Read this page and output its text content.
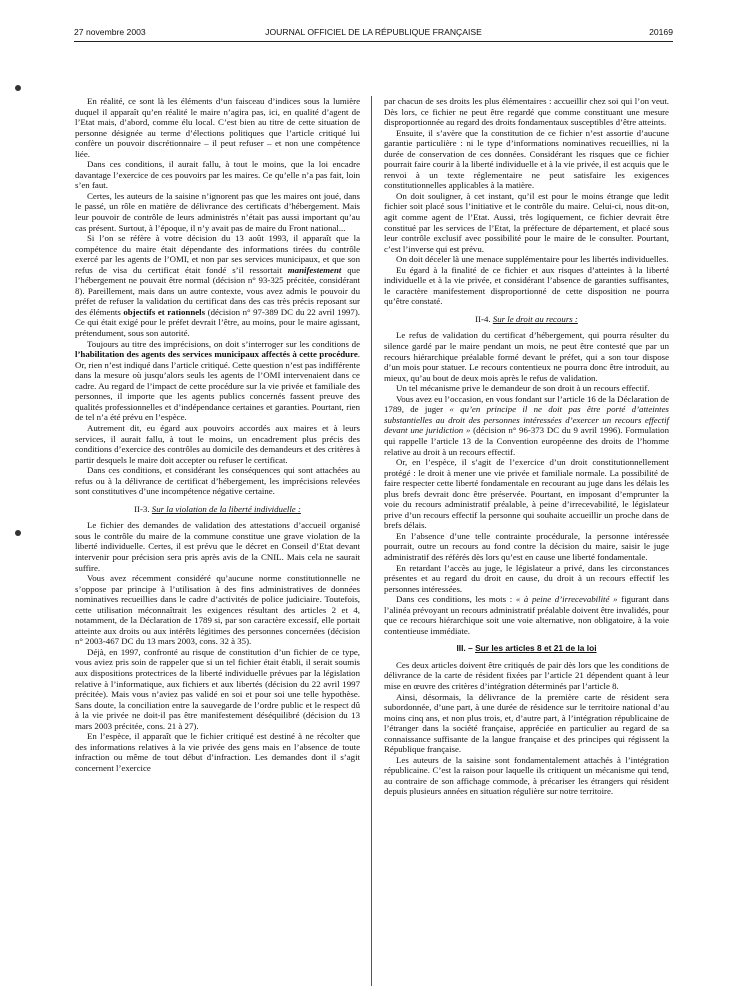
27 novembre 2003	JOURNAL OFFICIEL DE LA RÉPUBLIQUE FRANÇAISE	20169

En réalité, ce sont là les éléments d’un faisceau d’indices sous la lumière duquel il apparaît qu’en réalité le maire n’agira pas, ici, en qualité d’agent de l’Etat mais, d’abord, comme élu local. C’est bien au titre de cette situation de personne désignée au terme d’élections politiques que l’article critiqué lui confère un pouvoir discrétionnaire – il peut refuser – et non une compétence liée.

Dans ces conditions, il aurait fallu, à tout le moins, que la loi encadre davantage l’exercice de ces pouvoirs par les maires. Ce qu’elle n’a pas fait, loin s’en faut.

Certes, les auteurs de la saisine n’ignorent pas que les maires ont joué, dans le passé, un rôle en matière de délivrance des certificats d’hébergement. Mais leur pouvoir de contrôle de leurs administrés n’était pas aussi important qu’au cas présent. Surtout, à l’époque, il n’y avait pas de maire du Front national...

Si l’on se réfère à votre décision du 13 août 1993, il apparaît que la compétence du maire était dépendante des informations tirées du contrôle exercé par les agents de l’OMI, et non par ses services municipaux, et que son refus de visa du certificat était fondé s’il ressortait manifestement que l’hébergement ne pouvait être normal (décision n° 93-325 précitée, considérant 8). Pareillement, mais dans un autre contexte, vous avez admis le pouvoir du préfet de refuser la validation du certificat dans des cas très précis reposant sur des éléments objectifs et rationnels (décision n° 97-389 DC du 22 avril 1997). Ce qui était exigé pour le préfet devrait l’être, au moins, pour le maire agissant, prétendument, sous son autorité.

Toujours au titre des imprécisions, on doit s’interroger sur les conditions de l’habilitation des agents des services municipaux affectés à cette procédure. Or, rien n’est indiqué dans l’article critiqué. Cette question n’est pas indifférente dans la mesure où jusqu’alors seuls les agents de l’OMI intervenaient dans ce cadre. Au regard de l’impact de cette procédure sur la vie privée et familiale des personnes, il importe que les agents publics concernés fassent preuve des qualités professionnelles et d’indépendance certaines et garanties. Pourtant, rien de tel n’a été prévu en l’espèce.

Autrement dit, eu égard aux pouvoirs accordés aux maires et à leurs services, il aurait fallu, à tout le moins, un encadrement plus précis des conditions d’exercice des contrôles au domicile des demandeurs et des critères à partir desquels le maire doit accepter ou refuser le certificat.

Dans ces conditions, et considérant les conséquences qui sont attachées au refus ou à la délivrance de certificat d’hébergement, les imprécisions relevées sont constitutives d’une incompétence négative certaine.

II-3. Sur la violation de la liberté individuelle :

Le fichier des demandes de validation des attestations d’accueil organisé sous le contrôle du maire de la commune constitue une grave violation de la liberté individuelle. Certes, il est prévu que le décret en Conseil d’Etat devant intervenir pour précision sera pris après avis de la CNIL. Mais cela ne saurait suffire.

Vous avez récemment considéré qu’aucune norme constitutionnelle ne s’oppose par principe à l’utilisation à des fins administratives de données nominatives recueillies dans le cadre d’activités de police judiciaire. Toutefois, cette utilisation méconnaîtrait les exigences résultant des articles 2 et 4, notamment, de la Déclaration de 1789 si, par son caractère excessif, elle portait atteinte aux droits ou aux intérêts légitimes des personnes concernées (décision n° 2003-467 DC du 13 mars 2003, cons. 32 à 35).

Déjà, en 1997, confronté au risque de constitution d’un fichier de ce type, vous aviez pris soin de rappeler que si un tel fichier était établi, il serait soumis aux dispositions protectrices de la liberté individuelle prévues par la législation relative à l’informatique, aux fichiers et aux libertés (décision du 22 avril 1997 précitée). Mais vous n’aviez pas validé en soi et pour soi une telle hypothèse. Sans doute, la conciliation entre la sauvegarde de l’ordre public et le respect dû à la vie privée ne doit-il pas être manifestement déséquilibré (décision du 13 mars 2003 précitée, cons. 21 à 27).

En l’espèce, il apparaît que le fichier critiqué est destiné à ne récolter que des informations relatives à la vie privée des gens mais en l’absence de toute infraction ou même de tout début d’infraction. Les demandes dont il s’agit concernent l’exercice

par chacun de ses droits les plus élémentaires : accueillir chez soi qui l’on veut. Dès lors, ce fichier ne peut être regardé que comme constituant une mesure disproportionnée au regard des droits fondamentaux susceptibles d’être atteints.

Ensuite, il s’avère que la constitution de ce fichier n’est assortie d’aucune garantie particulière : ni le type d’informations nominatives recueillies, ni la durée de conservation de ces données. Considérant les risques que ce fichier pourrait faire courir à la liberté individuelle et à la vie privée, il est acquis que le renvoi à un texte réglementaire ne peut satisfaire les exigences constitutionnelles applicables à la matière.

On doit souligner, à cet instant, qu’il est pour le moins étrange que ledit fichier soit placé sous l’initiative et le contrôle du maire. Celui-ci, nous dit-on, agit comme agent de l’Etat. Aussi, très logiquement, ce fichier devrait être constitué par les services de l’Etat, la préfecture de département, et placé sous leur contrôle exclusif avec possibilité pour le maire de le consulter. Pourtant, c’est l’inverse qui est prévu.

On doit déceler là une menace supplémentaire pour les libertés individuelles.

Eu égard à la finalité de ce fichier et aux risques d’atteintes à la liberté individuelle et à la vie privée, et considérant l’absence de garanties suffisantes, le caractère manifestement disproportionné de cette disposition ne pourra qu’être constaté.

II-4. Sur le droit au recours :

Le refus de validation du certificat d’hébergement, qui pourra résulter du silence gardé par le maire pendant un mois, ne peut être contesté que par un recours hiérarchique préalable formé devant le préfet, qui a son tour dispose d’un mois pour statuer. Le recours contentieux ne pourra donc être introduit, au mieux, qu’au bout de deux mois après le refus de validation.

Un tel mécanisme prive le demandeur de son droit à un recours effectif.

Vous avez eu l’occasion, en vous fondant sur l’article 16 de la Déclaration de 1789, de juger « qu’en principe il ne doit pas être porté d’atteintes substantielles au droit des personnes intéressées d’exercer un recours effectif devant une juridiction » (décision n° 96-373 DC du 9 avril 1996). Formulation qui rappelle l’article 13 de la Convention européenne des droits de l’homme relative au droit à un recours effectif.

Or, en l’espèce, il s’agit de l’exercice d’un droit constitutionnellement protégé : le droit à mener une vie privée et familiale normale. La possibilité de faire respecter cette liberté fondamentale en recourant au juge dans les délais les plus brefs devrait donc être préservée. Pourtant, en imposant d’emprunter la voie du recours administratif préalable, à peine d’irrecevabilité, le législateur prive d’un recours effectif la personne qui souhaite accueillir un proche dans de brefs délais.

En l’absence d’une telle contrainte procédurale, la personne intéressée pourrait, outre un recours au fond contre la décision du maire, saisir le juge administratif des référés dès lors qu’est en cause une liberté fondamentale.

En retardant l’accès au juge, le législateur a privé, dans les circonstances présentes et au regard du droit en cause, du droit à un recours effectif les personnes intéressées.

Dans ces conditions, les mots : « à peine d’irrecevabilité » figurant dans l’alinéa prévoyant un recours administratif préalable doivent être invalidés, pour que ce recours hiérarchique soit une voie alternative, non obligatoire, à la voie contentieuse immédiate.

III. – Sur les articles 8 et 21 de la loi

Ces deux articles doivent être critiqués de pair dès lors que les conditions de délivrance de la carte de résident fixées par l’article 21 dépendent quant à leur mise en œuvre des critères d’intégration déterminés par l’article 8.

Ainsi, désormais, la délivrance de la première carte de résident sera subordonnée, d’une part, à une durée de résidence sur le territoire national d’au moins cinq ans, et non plus trois, et, d’autre part, à l’intégration républicaine de l’étranger dans la société française, appréciée en particulier au regard de sa connaissance suffisante de la langue française et des principes qui régissent la République française.

Les auteurs de la saisine sont fondamentalement attachés à l’intégration républicaine. C’est la raison pour laquelle ils critiquent un mécanisme qui tend, au contraire de son affichage commode, à précariser les étrangers qui résident depuis plusieurs années en situation régulière sur notre territoire.
